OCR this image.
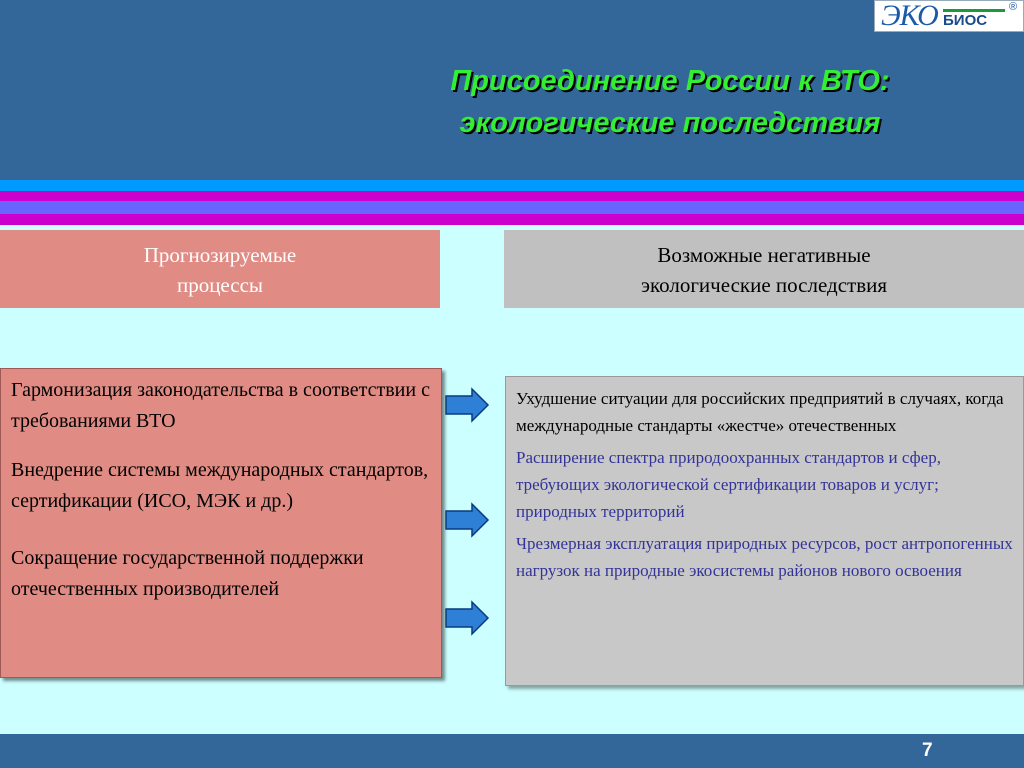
ЭКО БИОС
®
Присоединение России к ВТО:
экологические последствия
Прогнозируемые
процессы
Возможные негативные
экологические последствия

Гармонизация законодательства в соответствии с требованиями ВТО

Внедрение системы международных стандартов, сертификации (ИСО, МЭК и др.)

Сокращение государственной поддержки отечественных производителей

Ухудшение ситуации для российских предприятий в случаях, когда международные стандарты «жестче» отечественных

Расширение спектра природоохранных стандартов и сфер, требующих экологической сертификации товаров и услуг; природных территорий

Чрезмерная эксплуатация природных ресурсов, рост антропогенных нагрузок на природные экосистемы районов нового освоения

7
